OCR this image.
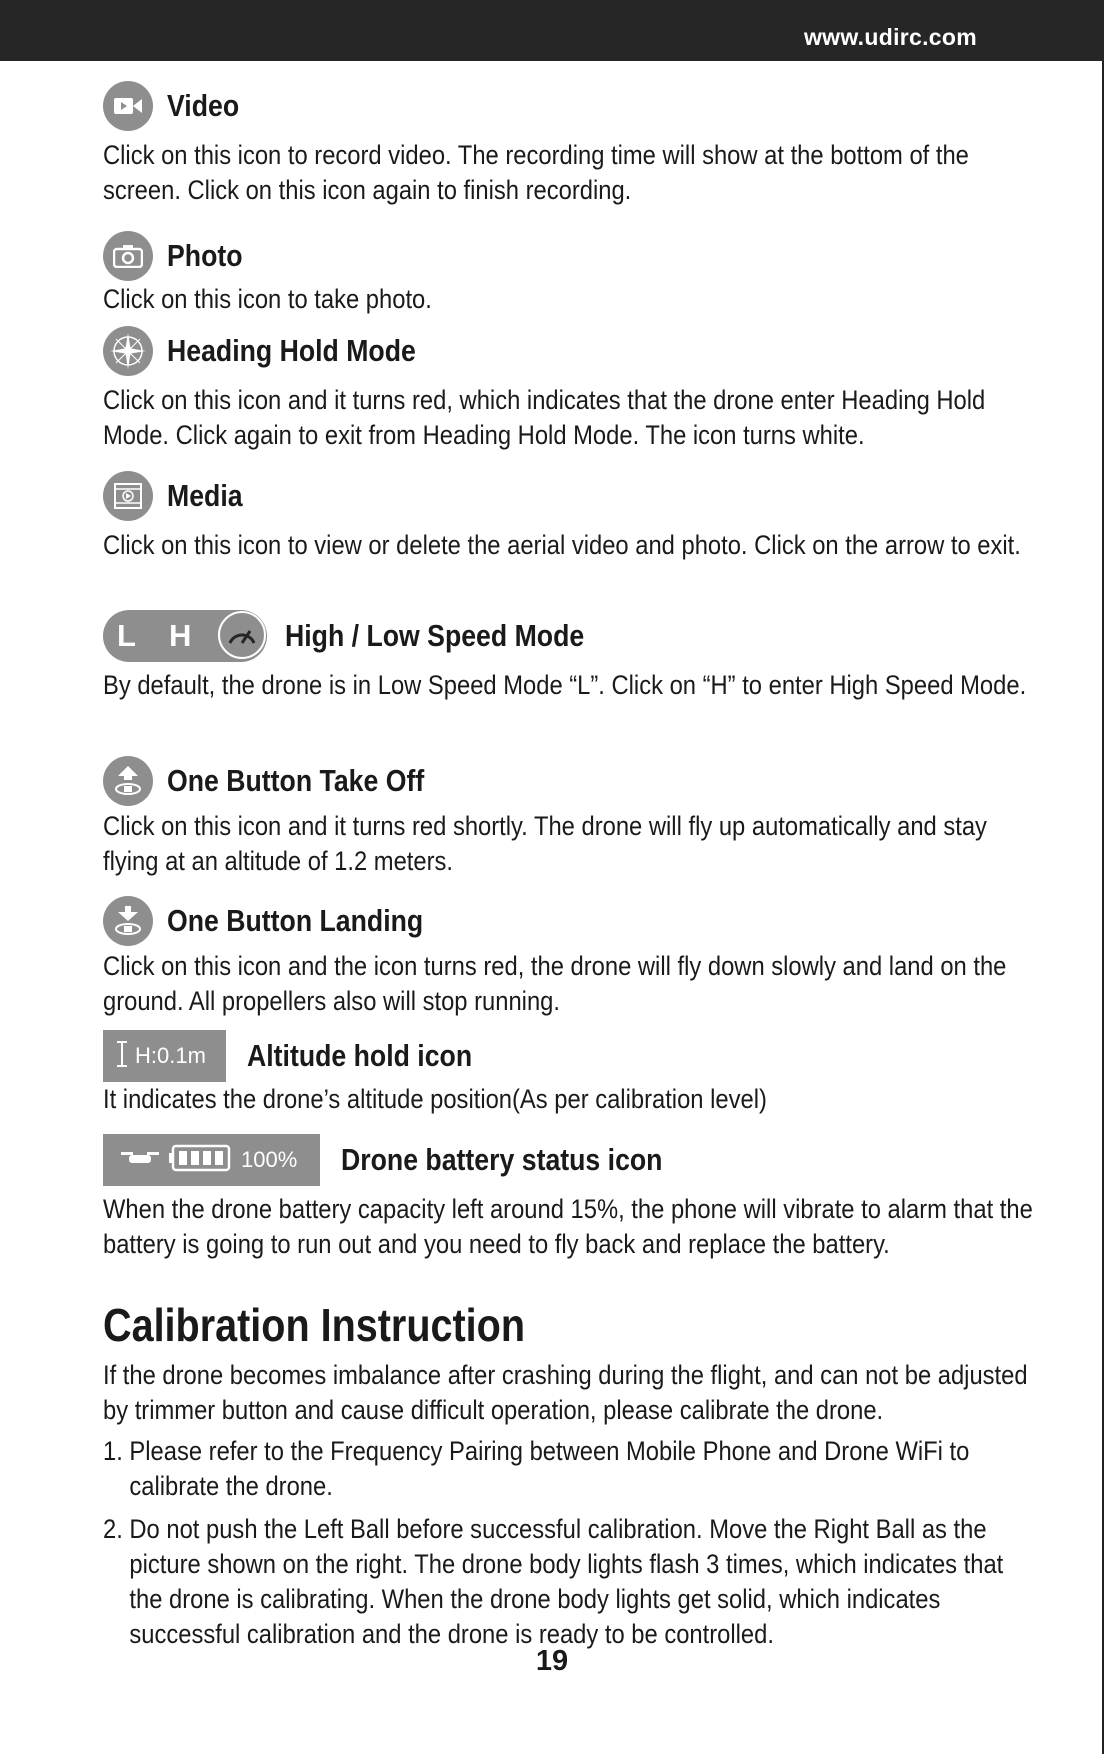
www.udirc.com
Video
Click on this icon to record video. The recording time will show at the bottom of the screen. Click on this icon again to finish recording.
Photo
Click on this icon to take photo.
Heading Hold Mode
Click on this icon and it turns red, which indicates that the drone enter Heading Hold Mode. Click again to exit from Heading Hold Mode. The icon turns white.
Media
Click on this icon to view or delete the aerial video and photo. Click on the arrow to exit.
L H	High / Low Speed Mode
By default, the drone is in Low Speed Mode “L”. Click on “H” to enter High Speed Mode.
One Button Take Off
Click on this icon and it turns red shortly. The drone will fly up automatically and stay flying at an altitude of 1.2 meters.
One Button Landing
Click on this icon and the icon turns red, the drone will fly down slowly and land on the ground. All propellers also will stop running.
H:0.1m Altitude hold icon
It indicates the drone’s altitude position(As per calibration level)
100% Drone battery status icon
When the drone battery capacity left around 15%, the phone will vibrate to alarm that the battery is going to run out and you need to fly back and replace the battery.
Calibration Instruction
If the drone becomes imbalance after crashing during the flight, and can not be adjusted by trimmer button and cause difficult operation, please calibrate the drone.
1. Please refer to the Frequency Pairing between Mobile Phone and Drone WiFi to calibrate the drone.
2. Do not push the Left Ball before successful calibration. Move the Right Ball as the picture shown on the right. The drone body lights flash 3 times, which indicates that the drone is calibrating. When the drone body lights get solid, which indicates successful calibration and the drone is ready to be controlled.
19
